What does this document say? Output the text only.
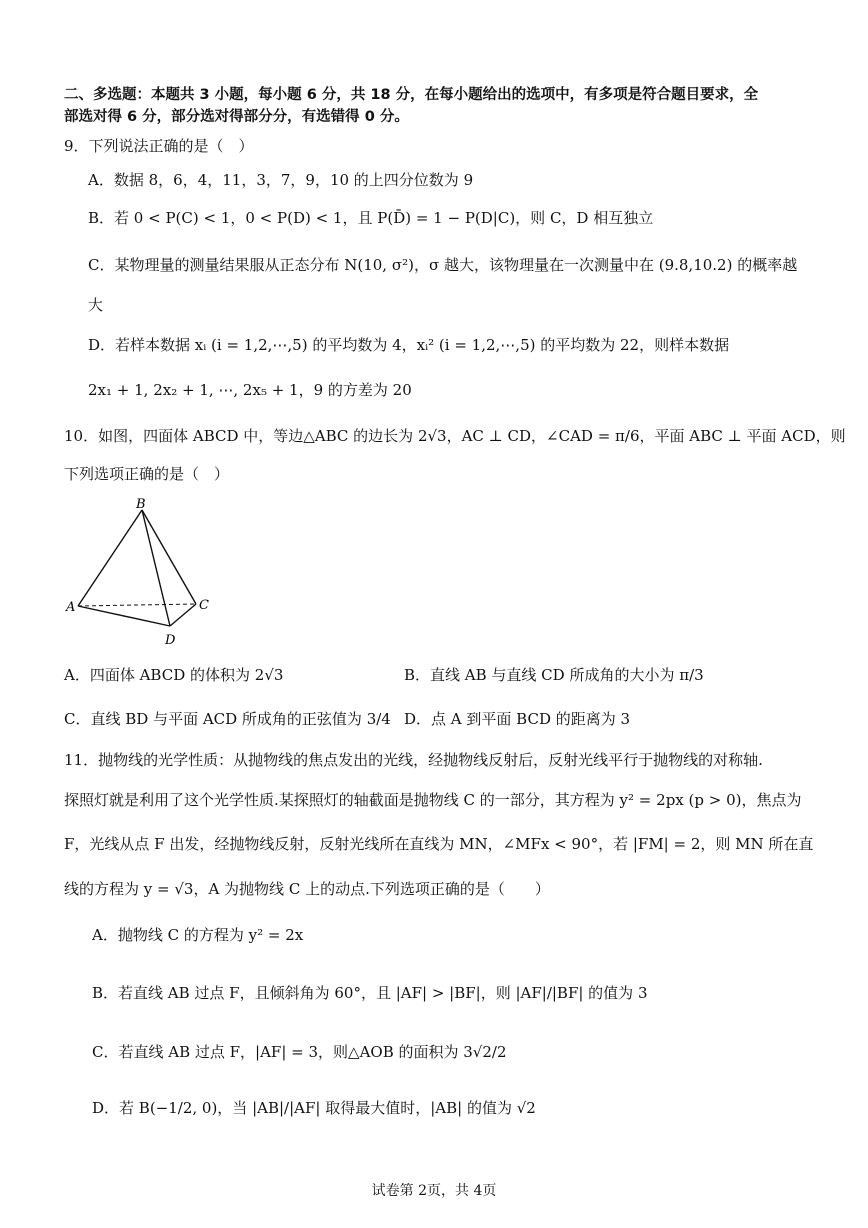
二、多选题：本题共 3 小题，每小题 6 分，共 18 分，在每小题给出的选项中，有多项是符合题目要求，全
部选对得 6 分，部分选对得部分分，有选错得 0 分。
9．下列说法正确的是（　）
A．数据 8，6，4，11，3，7，9，10 的上四分位数为 9
B．若 0 < P(C) < 1，0 < P(D) < 1，且 P(D̄) = 1 − P(D|C)，则 C，D 相互独立
C．某物理量的测量结果服从正态分布 N(10, σ²)，σ 越大，该物理量在一次测量中在 (9.8,10.2) 的概率越
大
D．若样本数据 xᵢ (i = 1,2,⋯,5) 的平均数为 4，xᵢ² (i = 1,2,⋯,5) 的平均数为 22，则样本数据
2x₁ + 1, 2x₂ + 1, ⋯, 2x₅ + 1，9 的方差为 20
10．如图，四面体 ABCD 中，等边△ABC 的边长为 2√3，AC ⊥ CD，∠CAD = π/6，平面 ABC ⊥ 平面 ACD，则
下列选项正确的是（　）
B
A	C
D
A．四面体 ABCD 的体积为 2√3	B．直线 AB 与直线 CD 所成角的大小为 π/3
C．直线 BD 与平面 ACD 所成角的正弦值为 3/4 D．点 A 到平面 BCD 的距离为 3
11．抛物线的光学性质：从抛物线的焦点发出的光线，经抛物线反射后，反射光线平行于抛物线的对称轴.
探照灯就是利用了这个光学性质.某探照灯的轴截面是抛物线 C 的一部分，其方程为 y² = 2px (p > 0)，焦点为
F，光线从点 F 出发，经抛物线反射，反射光线所在直线为 MN，∠MFx < 90°，若 |FM| = 2，则 MN 所在直
线的方程为 y = √3，A 为抛物线 C 上的动点.下列选项正确的是（　　）
A．抛物线 C 的方程为 y² = 2x
B．若直线 AB 过点 F，且倾斜角为 60°，且 |AF| > |BF|，则 |AF|/|BF| 的值为 3
C．若直线 AB 过点 F，|AF| = 3，则△AOB 的面积为 3√2/2
D．若 B(−1/2, 0)，当 |AB|/|AF| 取得最大值时，|AB| 的值为 √2
试卷第 2页，共 4页
